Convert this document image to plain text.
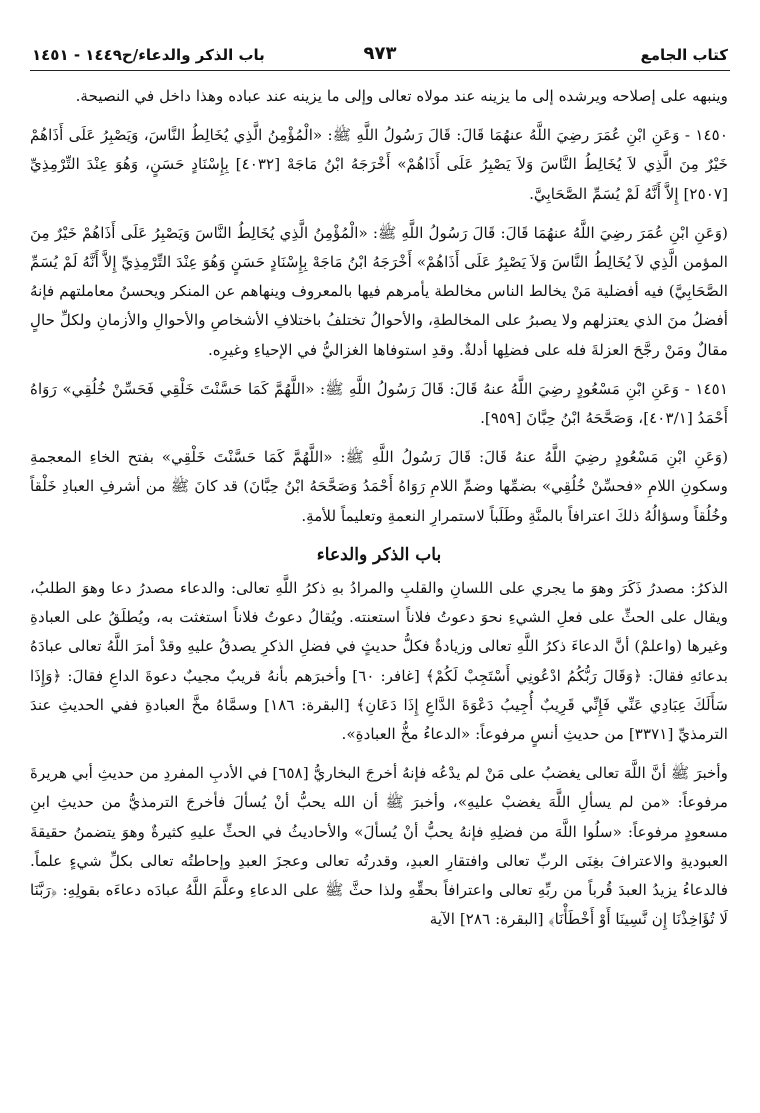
كتاب الجامع
٩٧٣
باب الذكر والدعاء/ح١٤٤٩ - ١٤٥١

وينبهه على إصلاحه ويرشده إلى ما يزينه عند مولاه تعالى وإلى ما يزينه عند عباده وهذا داخل في النصيحة.

١٤٥٠ - وَعَنِ ابْنِ عُمَرَ رضِيَ اللَّهُ عنهُمَا قَالَ: قَالَ رَسُولُ اللَّهِ ﷺ: «الْمُؤْمِنُ الَّذِي يُخَالِطُ النَّاسَ، وَيَصْبِرُ عَلَى أَذَاهُمْ خَيْرٌ مِنَ الَّذِي لاَ يُخَالِطُ النَّاسَ وَلاَ يَصْبِرُ عَلَى أَذَاهُمْ» أَخْرَجَهُ ابْنُ مَاجَهْ [٤٠٣٢] بِإِسْنَادٍ حَسَنٍ، وَهُوَ عِنْدَ التِّرْمِذِيِّ [٢٥٠٧] إِلاَّ أَنَّهُ لَمْ يُسَمِّ الصَّحَابِيَّ.

(وَعَنِ ابْنِ عُمَرَ رضِيَ اللَّهُ عنهُمَا قَالَ: قَالَ رَسُولُ اللَّهِ ﷺ: «الْمُؤْمِنُ الَّذِي يُخَالِطُ النَّاسَ وَيَصْبِرُ عَلَى أَذَاهُمْ خَيْرٌ مِنَ المؤمن الَّذِي لاَ يُخَالِطُ النَّاسَ وَلاَ يَصْبِرُ عَلَى أَذَاهُمْ» أَخْرَجَهُ ابْنُ مَاجَهْ بِإِسْنَادٍ حَسَنٍ وَهُوَ عِنْدَ التِّرْمِذِيِّ إِلاَّ أَنَّهُ لَمْ يُسَمِّ الصَّحَابِيَّ) فيه أفضلية مَنْ يخالط الناس مخالطة يأمرهم فيها بالمعروف وينهاهم عن المنكر ويحسنُ معاملتهم فإنهُ أفضلُ منَ الذي يعتزلهم ولا يصبرُ على المخالطةِ، والأحوالُ تختلفُ باختلافِ الأشخاصِ والأحوالِ والأزمانِ ولكلِّ حالٍ مقالٌ ومَنْ رجَّحَ العزلةَ فله على فضلِها أدلةٌ. وقدِ استوفاها الغزاليُّ في الإحياءِ وغيرِه.

١٤٥١ - وَعَنِ ابْنِ مَسْعُودٍ رضِيَ اللَّهُ عنهُ قَالَ: قَالَ رَسُولُ اللَّهِ ﷺ: «اللَّهُمَّ كَمَا حَسَّنْتَ خَلْقِي فَحَسِّنْ خُلُقِي» رَوَاهُ أَحْمَدُ [٤٠٣/١]، وَصَحَّحَهُ ابْنُ حِبَّانَ [٩٥٩].

(وَعَنِ ابْنِ مَسْعُودٍ رضِيَ اللَّهُ عنهُ قَالَ: قَالَ رَسُولُ اللَّهِ ﷺ: «اللَّهُمَّ كَمَا حَسَّنْتَ خَلْقِي» بفتح الخاءِ المعجمةِ وسكونِ اللامِ «فحسِّنْ خُلُقِي» بضمِّها وضمِّ اللامِ رَوَاهُ أَحْمَدُ وَصَحَّحَهُ ابْنُ حِبَّانَ) قد كانَ ﷺ من أشرفِ العبادِ خَلْقاً وخُلُقاً وسؤالُهُ ذلكَ اعترافاً بالمنَّةِ وطَلَباً لاستمرارِ النعمةِ وتعليماً للأمةِ.

باب الذكر والدعاء

الذكرُ: مصدرُ ذَكَرَ وهوَ ما يجري على اللسانِ والقلبِ والمرادُ بهِ ذكرُ اللَّهِ تعالى: والدعاء مصدرُ دعا وهوَ الطلبُ، ويقال على الحثِّ على فعلِ الشيءِ نحوَ دعوتُ فلاناً استعنته. ويُقالُ دعوتُ فلاناً استغثت به، ويُطلَقُ على العبادةِ وغيرها (واعلمْ) أنَّ الدعاءَ ذكرُ اللَّهِ تعالى وزيادةٌ فكلُّ حديثٍ في فضلِ الذكرِ يصدقُ عليهِ وقدْ أمرَ اللَّهُ تعالى عبادَهُ بدعائهِ فقالَ: ﴿وَقَالَ رَبُّكُمُ ادْعُونِي أَسْتَجِبْ لَكُمْ﴾ [غافر: ٦٠] وأخبرَهم بأنهُ قريبٌ مجيبٌ دعوةَ الداعِ فقالَ: ﴿وَإِذَا سَأَلَكَ عِبَادِي عَنِّي فَإِنِّي قَرِيبٌ أُجِيبُ دَعْوَةَ الدَّاعِ إِذَا دَعَانِ﴾ [البقرة: ١٨٦] وسمَّاهُ مخَّ العبادةِ ففي الحديثِ عندَ الترمذيِّ [٣٣٧١] من حديثِ أنسٍ مرفوعاً: «الدعاءُ مخُّ العبادةِ».

وأخبرَ ﷺ أنَّ اللَّهَ تعالى يغضبُ على مَنْ لم يدْعُه فإنهُ أخرجَ البخاريُّ [٦٥٨] في الأدبِ المفردِ من حديثِ أبي هريرةَ مرفوعاً: «من لم يسألِ اللَّهَ يغضبْ عليهِ»، وأخبرَ ﷺ أن الله يحبُّ أنْ يُسألَ فأخرجَ الترمذيُّ من حديثِ ابنِ مسعودٍ مرفوعاً: «سلُوا اللَّهَ من فضلِهِ فإنهُ يحبُّ أنْ يُسألَ» والأحاديثُ في الحثِّ عليهِ كثيرةٌ وهوَ يتضمنُ حقيقةَ العبوديةِ والاعترافَ بغِنَى الربِّ تعالى وافتقارِ العبدِ، وقدرتُه تعالى وعجزَ العبدِ وإحاطتُه تعالى بكلِّ شيءٍ علماً. فالدعاءُ يزيدُ العبدَ قُرباً من ربِّهِ تعالى واعترافاً بحقِّهِ ولذا حثَّ ﷺ على الدعاءِ وعلَّمَ اللَّهُ عبادَه دعاءَه بقولِهِ: ﴿رَبَّنَا لَا تُؤَاخِذْنَا إِن نَّسِينَا أَوْ أَخْطَأْنَا﴾ [البقرة: ٢٨٦] الآية
